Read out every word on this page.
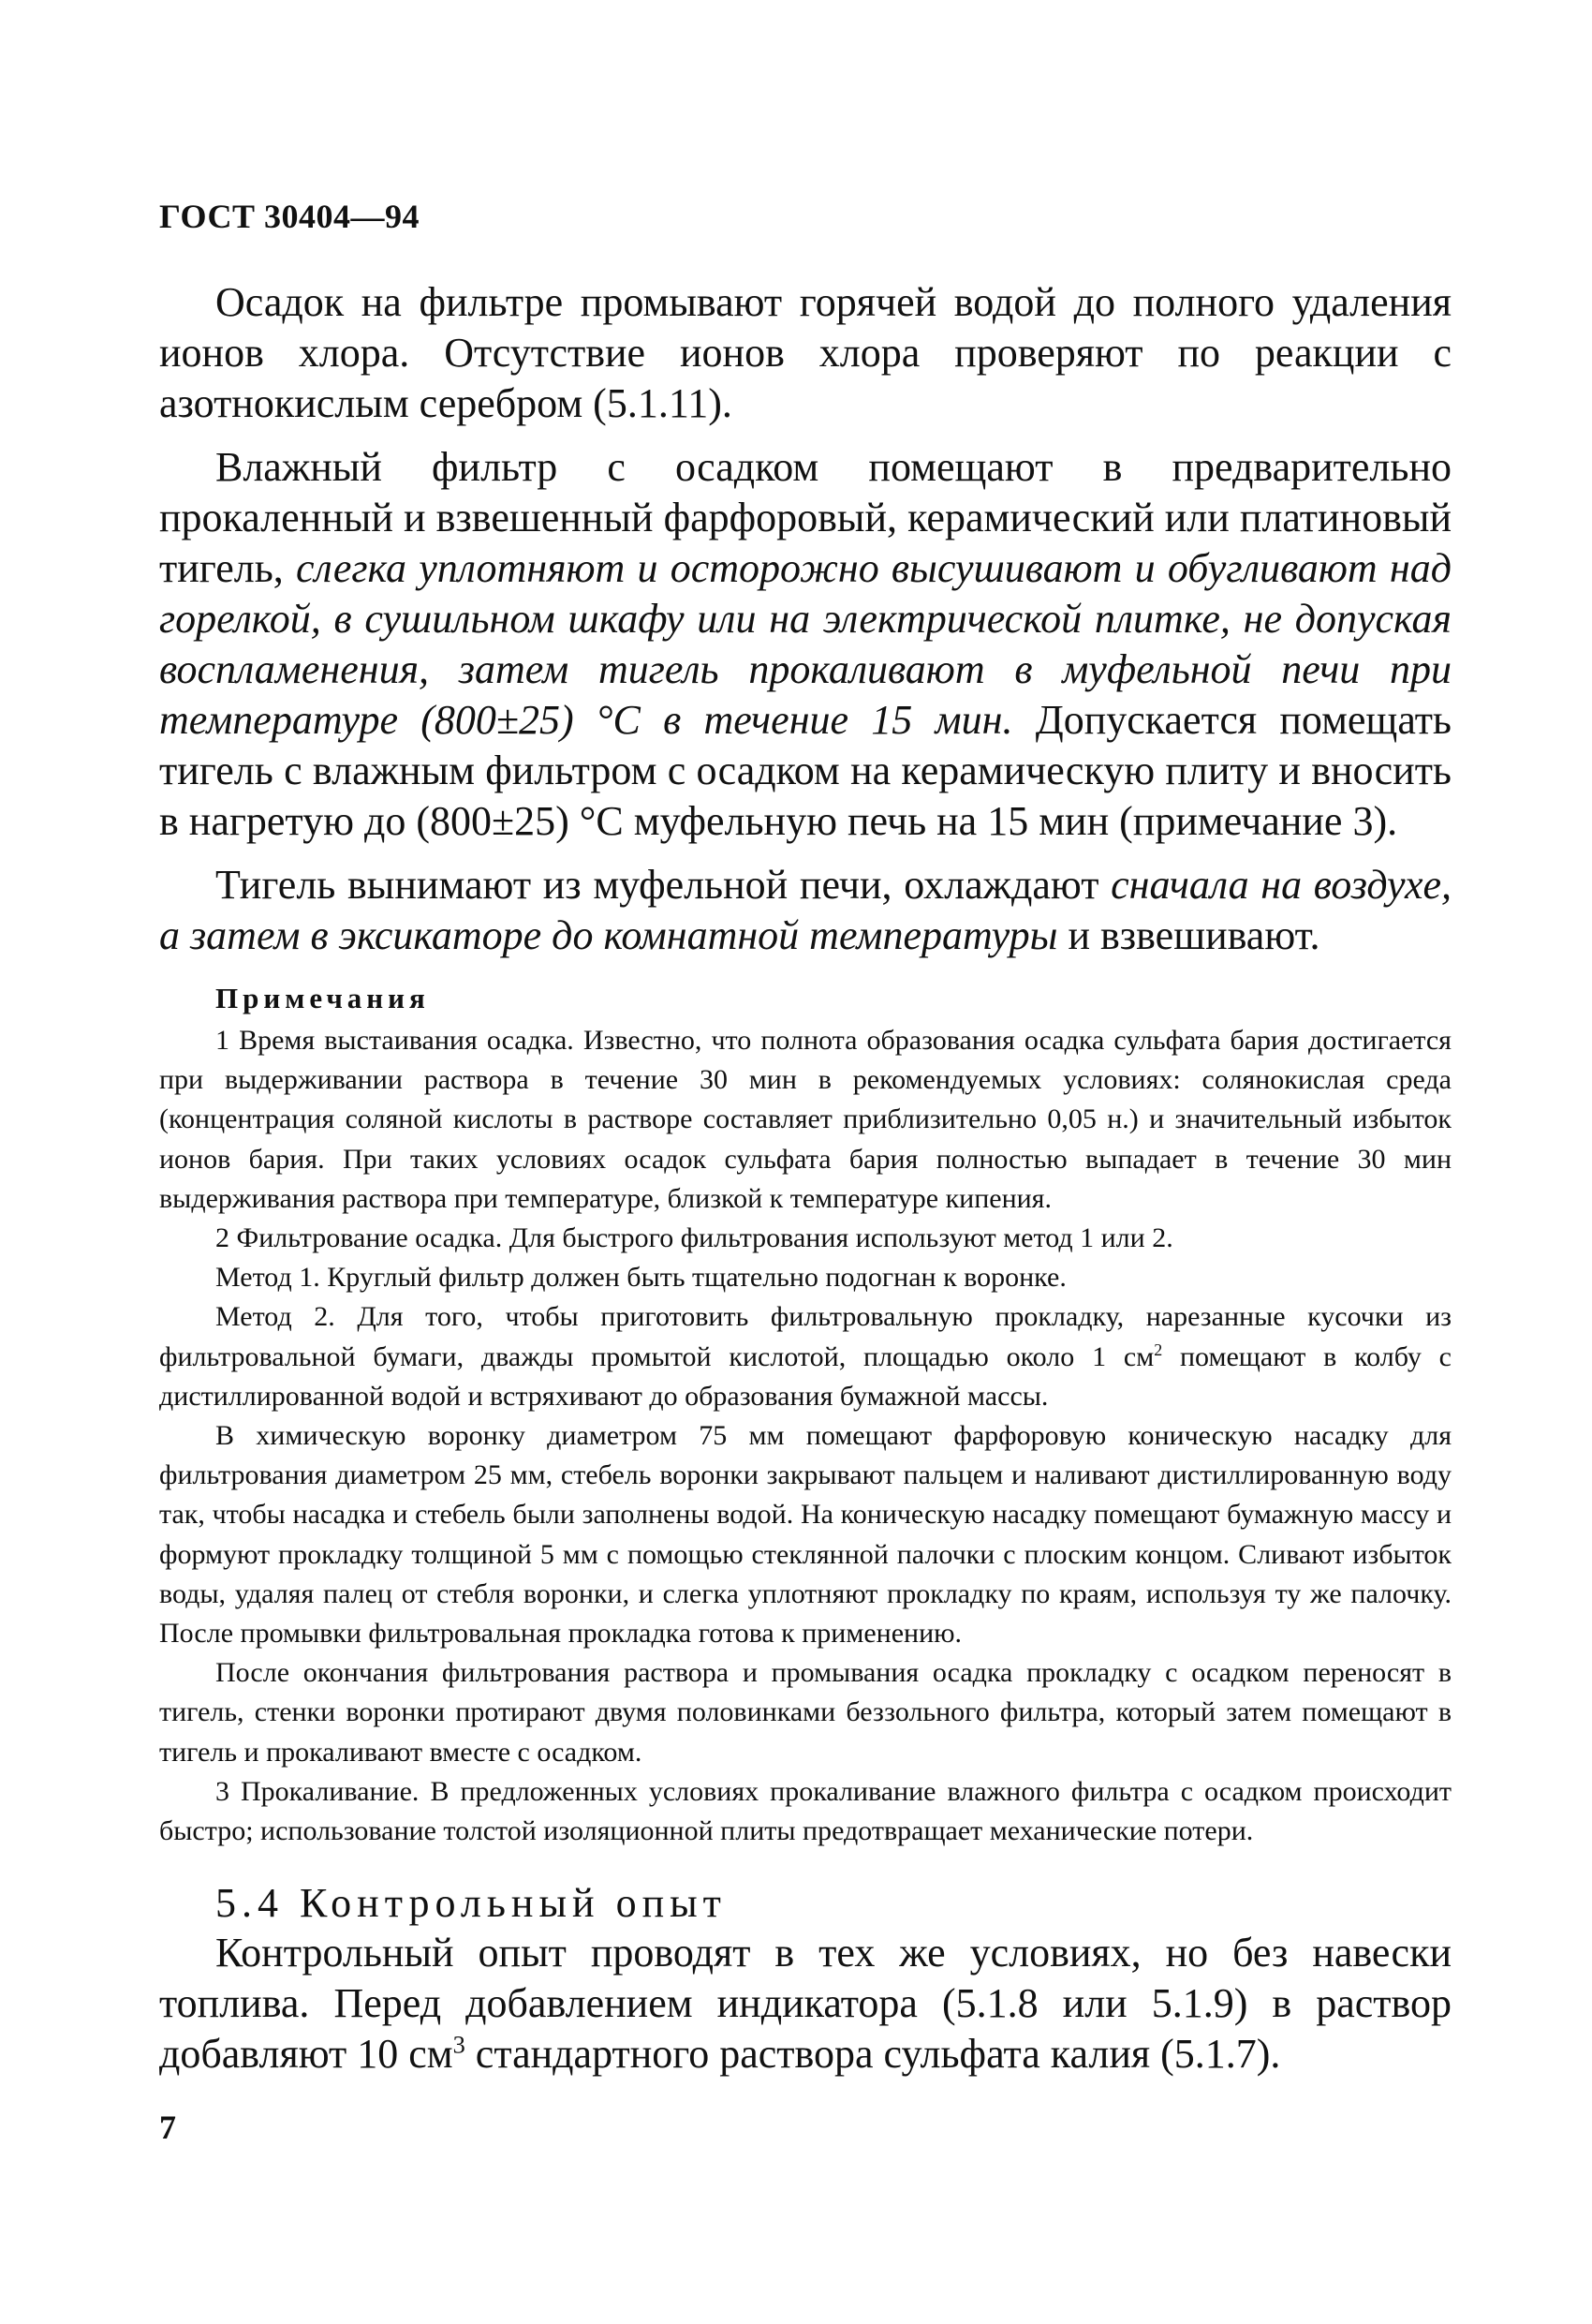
ГОСТ 30404—94

Осадок на фильтре промывают горячей водой до полного удаления ионов хлора. Отсутствие ионов хлора проверяют по реакции с азотнокислым серебром (5.1.11).

Влажный фильтр с осадком помещают в предварительно прокаленный и взвешенный фарфоровый, керамический или платиновый тигель, слегка уплотняют и осторожно высушивают и обугливают над горелкой, в сушильном шкафу или на электрической плитке, не допуская воспламенения, затем тигель прокаливают в муфельной печи при температуре (800±25) °С в течение 15 мин. Допускается помещать тигель с влажным фильтром с осадком на керамическую плиту и вносить в нагретую до (800±25) °С муфельную печь на 15 мин (примечание 3).

Тигель вынимают из муфельной печи, охлаждают сначала на воздухе, а затем в эксикаторе до комнатной температуры и взвешивают.

Примечания

1 Время выстаивания осадка. Известно, что полнота образования осадка сульфата бария достигается при выдерживании раствора в течение 30 мин в рекомендуемых условиях: солянокислая среда (концентрация соляной кислоты в растворе составляет приблизительно 0,05 н.) и значительный избыток ионов бария. При таких условиях осадок сульфата бария полностью выпадает в течение 30 мин выдерживания раствора при температуре, близкой к температуре кипения.

2 Фильтрование осадка. Для быстрого фильтрования используют метод 1 или 2.

Метод 1. Круглый фильтр должен быть тщательно подогнан к воронке.

Метод 2. Для того, чтобы приготовить фильтровальную прокладку, нарезанные кусочки из фильтровальной бумаги, дважды промытой кислотой, площадью около 1 $см^2$ помещают в колбу с дистиллированной водой и встряхивают до образования бумажной массы.

В химическую воронку диаметром 75 мм помещают фарфоровую коническую насадку для фильтрования диаметром 25 мм, стебель воронки закрывают пальцем и наливают дистиллированную воду так, чтобы насадка и стебель были заполнены водой. На коническую насадку помещают бумажную массу и формуют прокладку толщиной 5 мм с помощью стеклянной палочки с плоским концом. Сливают избыток воды, удаляя палец от стебля воронки, и слегка уплотняют прокладку по краям, используя ту же палочку. После промывки фильтровальная прокладка готова к применению.

После окончания фильтрования раствора и промывания осадка прокладку с осадком переносят в тигель, стенки воронки протирают двумя половинками беззольного фильтра, который затем помещают в тигель и прокаливают вместе с осадком.

3 Прокаливание. В предложенных условиях прокаливание влажного фильтра с осадком происходит быстро; использование толстой изоляционной плиты предотвращает механические потери.

5.4 Контрольный опыт

Контрольный опыт проводят в тех же условиях, но без навески топлива. Перед добавлением индикатора (5.1.8 или 5.1.9) в раствор добавляют 10 $см^3$ стандартного раствора сульфата калия (5.1.7).

7
